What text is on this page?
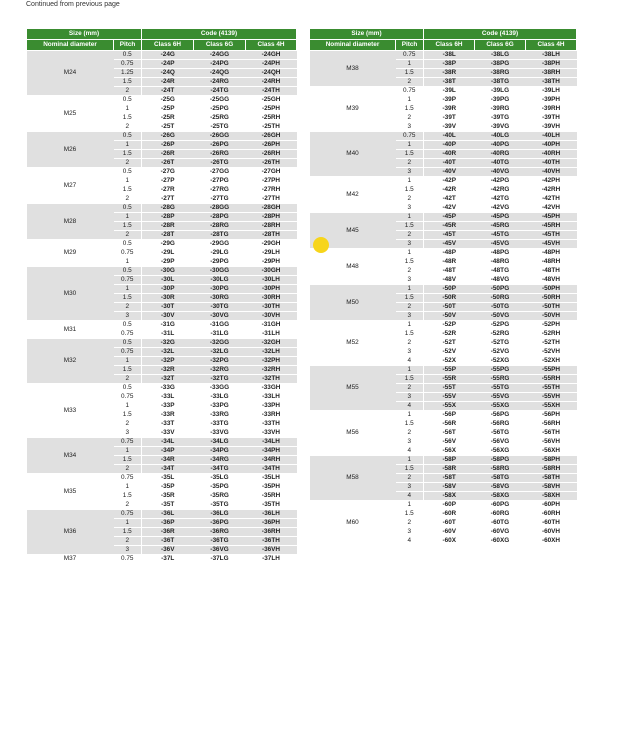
Continued from previous page
Size (mm)		Code (4139)		
Nominal diameter	Pitch	Class 6H	Class 6G	Class 4H
M24	0.5	-24G	-24GG	-24GH
	0.75	-24P	-24PG	-24PH
	1.25	-24Q	-24QG	-24QH
	1.5	-24R	-24RG	-24RH
	2	-24T	-24TG	-24TH
M25	0.5	-25G	-25GG	-25GH
	1	-25P	-25PG	-25PH
	1.5	-25R	-25RG	-25RH
	2	-25T	-25TG	-25TH
M26	0.5	-26G	-26GG	-26GH
	1	-26P	-26PG	-26PH
	1.5	-26R	-26RG	-26RH
	2	-26T	-26TG	-26TH
M27	0.5	-27G	-27GG	-27GH
	1	-27P	-27PG	-27PH
	1.5	-27R	-27RG	-27RH
	2	-27T	-27TG	-27TH
M28	0.5	-28G	-28GG	-28GH
	1	-28P	-28PG	-28PH
	1.5	-28R	-28RG	-28RH
	2	-28T	-28TG	-28TH
M29	0.5	-29G	-29GG	-29GH
	0.75	-29L	-29LG	-29LH
	1	-29P	-29PG	-29PH
M30	0.5	-30G	-30GG	-30GH
	0.75	-30L	-30LG	-30LH
	1	-30P	-30PG	-30PH
	1.5	-30R	-30RG	-30RH
	2	-30T	-30TG	-30TH
	3	-30V	-30VG	-30VH
M31	0.5	-31G	-31GG	-31GH
	0.75	-31L	-31LG	-31LH
M32	0.5	-32G	-32GG	-32GH
	0.75	-32L	-32LG	-32LH
	1	-32P	-32PG	-32PH
	1.5	-32R	-32RG	-32RH
	2	-32T	-32TG	-32TH
M33	0.5	-33G	-33GG	-33GH
	0.75	-33L	-33LG	-33LH
	1	-33P	-33PG	-33PH
	1.5	-33R	-33RG	-33RH
	2	-33T	-33TG	-33TH
	3	-33V	-33VG	-33VH
M34	0.75	-34L	-34LG	-34LH
	1	-34P	-34PG	-34PH
	1.5	-34R	-34RG	-34RH
	2	-34T	-34TG	-34TH
M35	0.75	-35L	-35LG	-35LH
	1	-35P	-35PG	-35PH
	1.5	-35R	-35RG	-35RH
	2	-35T	-35TG	-35TH
M36	0.75	-36L	-36LG	-36LH
	1	-36P	-36PG	-36PH
	1.5	-36R	-36RG	-36RH
	2	-36T	-36TG	-36TH
	3	-36V	-36VG	-36VH
M37	0.75	-37L	-37LG	-37LH
Size (mm)		Code (4139)		
Nominal diameter	Pitch	Class 6H	Class 6G	Class 4H
M38	0.75	-38L	-38LG	-38LH
	1	-38P	-38PG	-38PH
	1.5	-38R	-38RG	-38RH
	2	-38T	-38TG	-38TH
M39	0.75	-39L	-39LG	-39LH
	1	-39P	-39PG	-39PH
	1.5	-39R	-39RG	-39RH
	2	-39T	-39TG	-39TH
	3	-39V	-39VG	-39VH
M40	0.75	-40L	-40LG	-40LH
	1	-40P	-40PG	-40PH
	1.5	-40R	-40RG	-40RH
	2	-40T	-40TG	-40TH
	3	-40V	-40VG	-40VH
M42	1	-42P	-42PG	-42PH
	1.5	-42R	-42RG	-42RH
	2	-42T	-42TG	-42TH
	3	-42V	-42VG	-42VH
M45	1	-45P	-45PG	-45PH
	1.5	-45R	-45RG	-45RH
	2	-45T	-45TG	-45TH
	3	-45V	-45VG	-45VH
M48	1	-48P	-48PG	-48PH
	1.5	-48R	-48RG	-48RH
	2	-48T	-48TG	-48TH
	3	-48V	-48VG	-48VH
M50	1	-50P	-50PG	-50PH
	1.5	-50R	-50RG	-50RH
	2	-50T	-50TG	-50TH
	3	-50V	-50VG	-50VH
M52	1	-52P	-52PG	-52PH
	1.5	-52R	-52RG	-52RH
	2	-52T	-52TG	-52TH
	3	-52V	-52VG	-52VH
	4	-52X	-52XG	-52XH
M55	1	-55P	-55PG	-55PH
	1.5	-55R	-55RG	-55RH
	2	-55T	-55TG	-55TH
	3	-55V	-55VG	-55VH
	4	-55X	-55XG	-55XH
M56	1	-56P	-56PG	-56PH
	1.5	-56R	-56RG	-56RH
	2	-56T	-56TG	-56TH
	3	-56V	-56VG	-56VH
	4	-56X	-56XG	-56XH
M58	1	-58P	-58PG	-58PH
	1.5	-58R	-58RG	-58RH
	2	-58T	-58TG	-58TH
	3	-58V	-58VG	-58VH
	4	-58X	-58XG	-58XH
M60	1	-60P	-60PG	-60PH
	1.5	-60R	-60RG	-60RH
	2	-60T	-60TG	-60TH
	3	-60V	-60VG	-60VH
	4	-60X	-60XG	-60XH
